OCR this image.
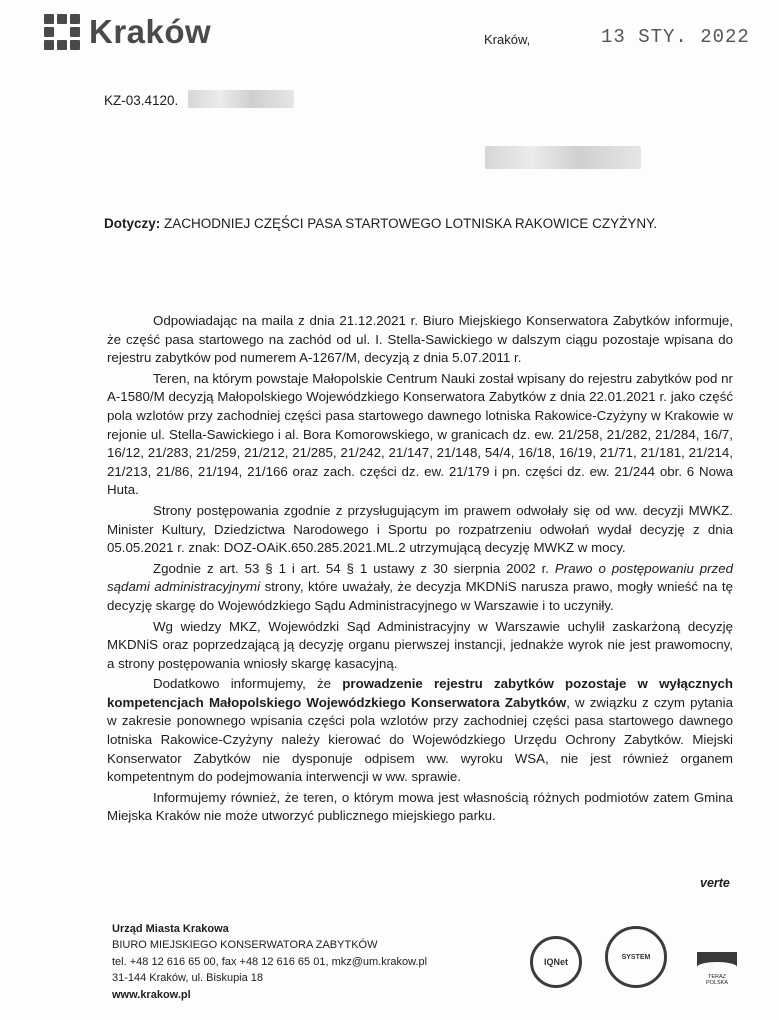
Kraków	Kraków,	13 STY. 2022
KZ-03.4120.
Dotyczy: ZACHODNIEJ CZĘŚCI PASA STARTOWEGO LOTNISKA RAKOWICE CZYŻYNY.

Odpowiadając na maila z dnia 21.12.2021 r. Biuro Miejskiego Konserwatora Zabytków informuje, że część pasa startowego na zachód od ul. I. Stella-Sawickiego w dalszym ciągu pozostaje wpisana do rejestru zabytków pod numerem A-1267/M, decyzją z dnia 5.07.2011 r.

Teren, na którym powstaje Małopolskie Centrum Nauki został wpisany do rejestru zabytków pod nr A-1580/M decyzją Małopolskiego Wojewódzkiego Konserwatora Zabytków z dnia 22.01.2021 r. jako część pola wzlotów przy zachodniej części pasa startowego dawnego lotniska Rakowice-Czyżyny w Krakowie w rejonie ul. Stella-Sawickiego i al. Bora Komorowskiego, w granicach dz. ew. 21/258, 21/282, 21/284, 16/7, 16/12, 21/283, 21/259, 21/212, 21/285, 21/242, 21/147, 21/148, 54/4, 16/18, 16/19, 21/71, 21/181, 21/214, 21/213, 21/86, 21/194, 21/166 oraz zach. części dz. ew. 21/179 i pn. części dz. ew. 21/244 obr. 6 Nowa Huta.

Strony postępowania zgodnie z przysługującym im prawem odwołały się od ww. decyzji MWKZ. Minister Kultury, Dziedzictwa Narodowego i Sportu po rozpatrzeniu odwołań wydał decyzję z dnia 05.05.2021 r. znak: DOZ-OAiK.650.285.2021.ML.2 utrzymującą decyzję MWKZ w mocy.

Zgodnie z art. 53 § 1 i art. 54 § 1 ustawy z 30 sierpnia 2002 r. Prawo o postępowaniu przed sądami administracyjnymi strony, które uważały, że decyzja MKDNiS narusza prawo, mogły wnieść na tę decyzję skargę do Wojewódzkiego Sądu Administracyjnego w Warszawie i to uczyniły.

Wg wiedzy MKZ, Wojewódzki Sąd Administracyjny w Warszawie uchylił zaskarżoną decyzję MKDNiS oraz poprzedzającą ją decyzję organu pierwszej instancji, jednakże wyrok nie jest prawomocny, a strony postępowania wniosły skargę kasacyjną.

Dodatkowo informujemy, że prowadzenie rejestru zabytków pozostaje w wyłącznych kompetencjach Małopolskiego Wojewódzkiego Konserwatora Zabytków, w związku z czym pytania w zakresie ponownego wpisania części pola wzlotów przy zachodniej części pasa startowego dawnego lotniska Rakowice-Czyżyny należy kierować do Wojewódzkiego Urzędu Ochrony Zabytków. Miejski Konserwator Zabytków nie dysponuje odpisem ww. wyroku WSA, nie jest również organem kompetentnym do podejmowania interwencji w ww. sprawie.

Informujemy również, że teren, o którym mowa jest własnością różnych podmiotów zatem Gmina Miejska Kraków nie może utworzyć publicznego miejskiego parku.

verte
Urząd Miasta Krakowa
BIURO MIEJSKIEGO KONSERWATORA ZABYTKÓW
tel. +48 12 616 65 00, fax +48 12 616 65 01, mkz@um.krakow.pl
31-144 Kraków, ul. Biskupia 18
www.krakow.pl
IQNet	SYSTEM
TERAZ POLSKA
